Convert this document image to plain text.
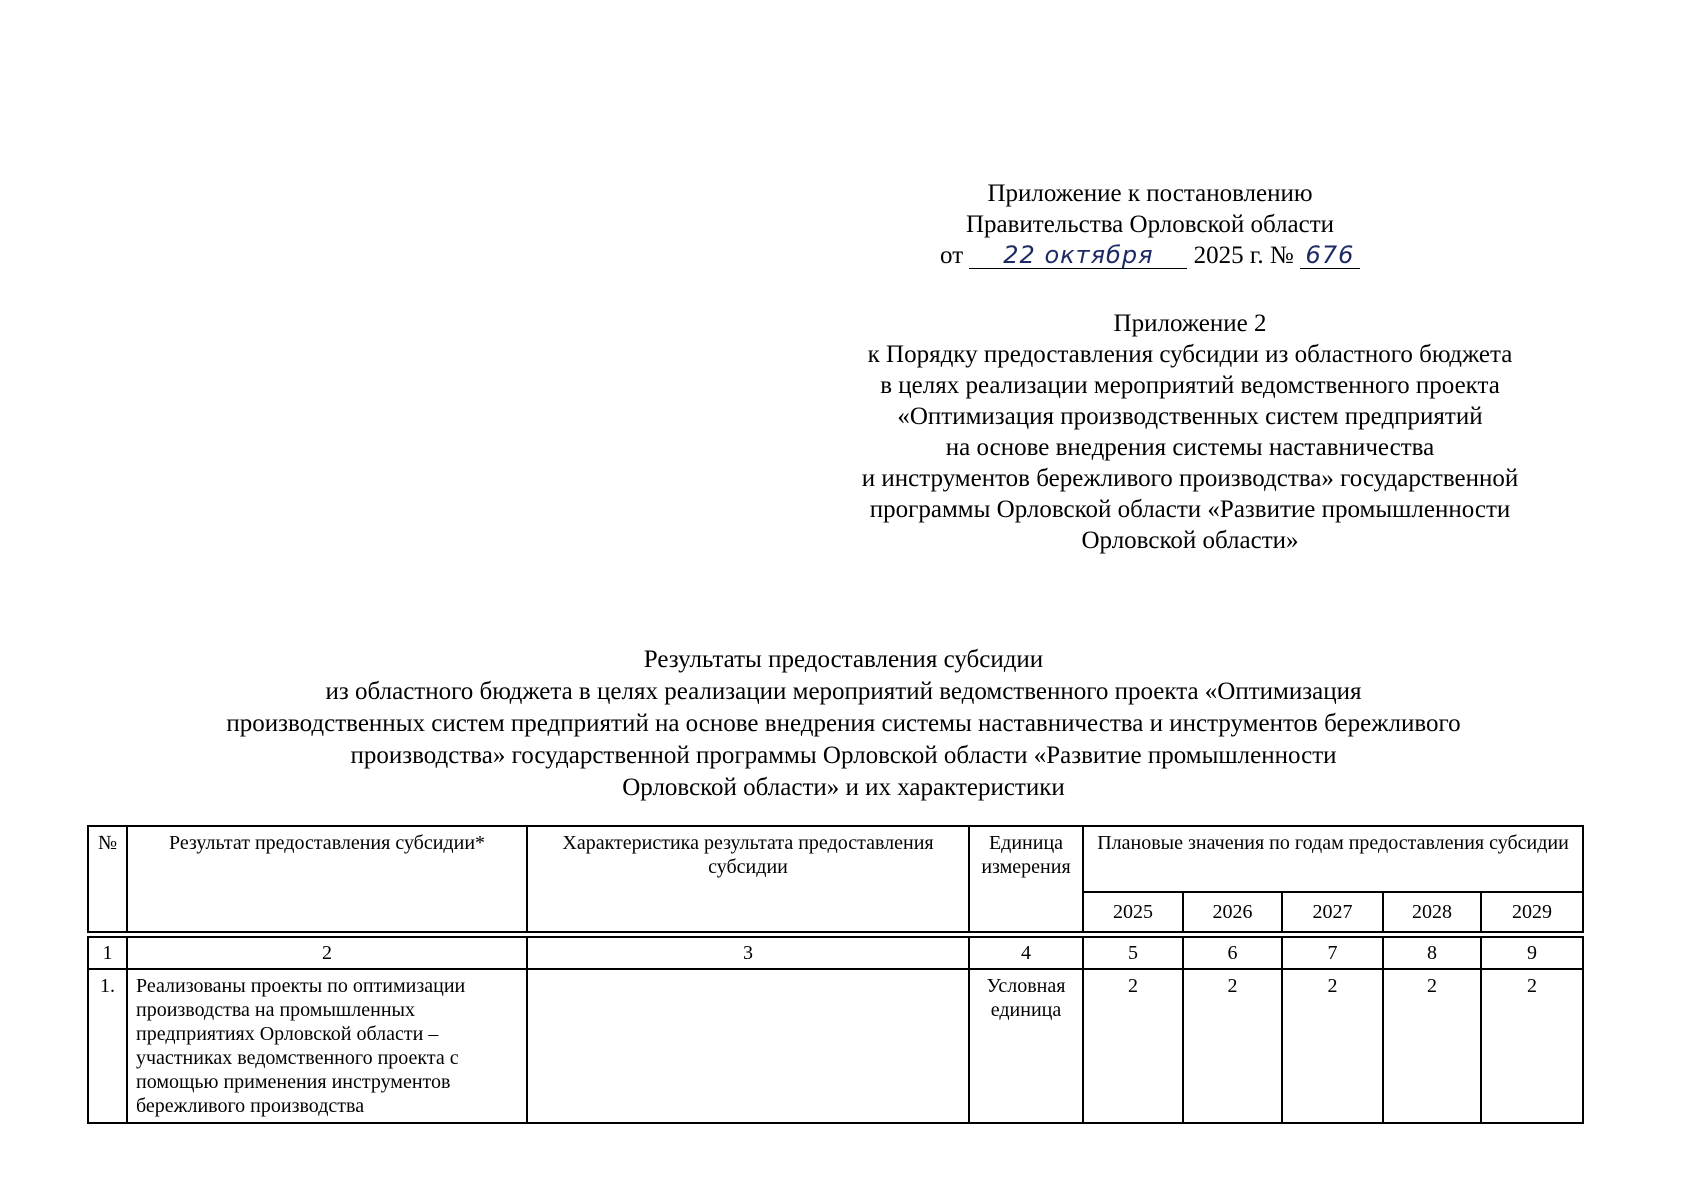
Приложение к постановлению
Правительства Орловской области
от 22 октября 2025 г. № 676
Приложение 2
к Порядку предоставления субсидии из областного бюджета
в целях реализации мероприятий ведомственного проекта
«Оптимизация производственных систем предприятий
на основе внедрения системы наставничества
и инструментов бережливого производства» государственной
программы Орловской области «Развитие промышленности
Орловской области»
Результаты предоставления субсидии
из областного бюджета в целях реализации мероприятий ведомственного проекта «Оптимизация
производственных систем предприятий на основе внедрения системы наставничества и инструментов бережливого
производства» государственной программы Орловской области «Развитие промышленности
Орловской области» и их характеристики
№	Результат предоставления субсидии*	Характеристика результата предоставления субсидии	Единица измерения	Плановые значения по годам предоставления субсидии				
				2025	2026	2027	2028	2029

1	2	3	4	5	6	7	8	9
1.	Реализованы проекты по оптимизации производства на промышленных предприятиях Орловской области – участниках ведомственного проекта с помощью применения инструментов бережливого производства		Условная единица	2	2	2	2	2
